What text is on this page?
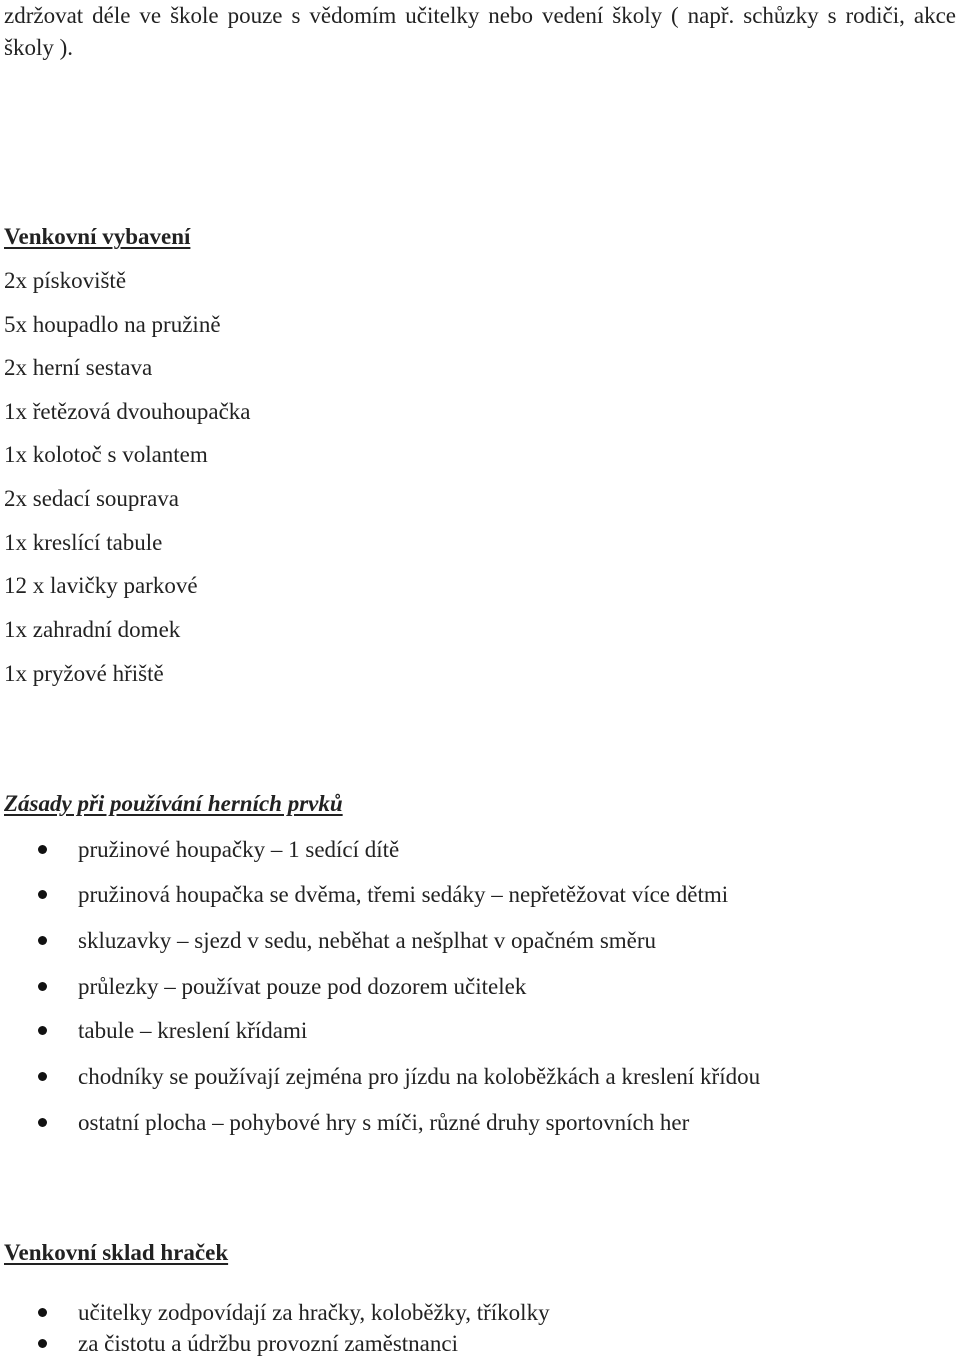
zdržovat déle ve škole pouze s vědomím učitelky nebo vedení školy ( např. schůzky s rodiči, akce školy ).
Venkovní vybavení
2x pískoviště
5x houpadlo na pružině
2x herní sestava
1x řetězová dvouhoupačka
1x kolotoč s volantem
2x sedací souprava
1x kreslící tabule
12 x lavičky parkové
1x zahradní domek
1x pryžové hřiště
Zásady při používání herních prvků
pružinové houpačky – 1 sedící dítě
pružinová houpačka se dvěma, třemi sedáky – nepřetěžovat více dětmi
skluzavky – sjezd v sedu, neběhat a nešplhat v opačném směru
průlezky – používat pouze pod dozorem učitelek
tabule – kreslení křídami
chodníky se používají zejména pro jízdu na koloběžkách a kreslení křídou
ostatní plocha – pohybové hry s míči, různé druhy sportovních her
Venkovní sklad hraček
učitelky zodpovídají za hračky, koloběžky, tříkolky
za čistotu a údržbu provozní zaměstnanci
